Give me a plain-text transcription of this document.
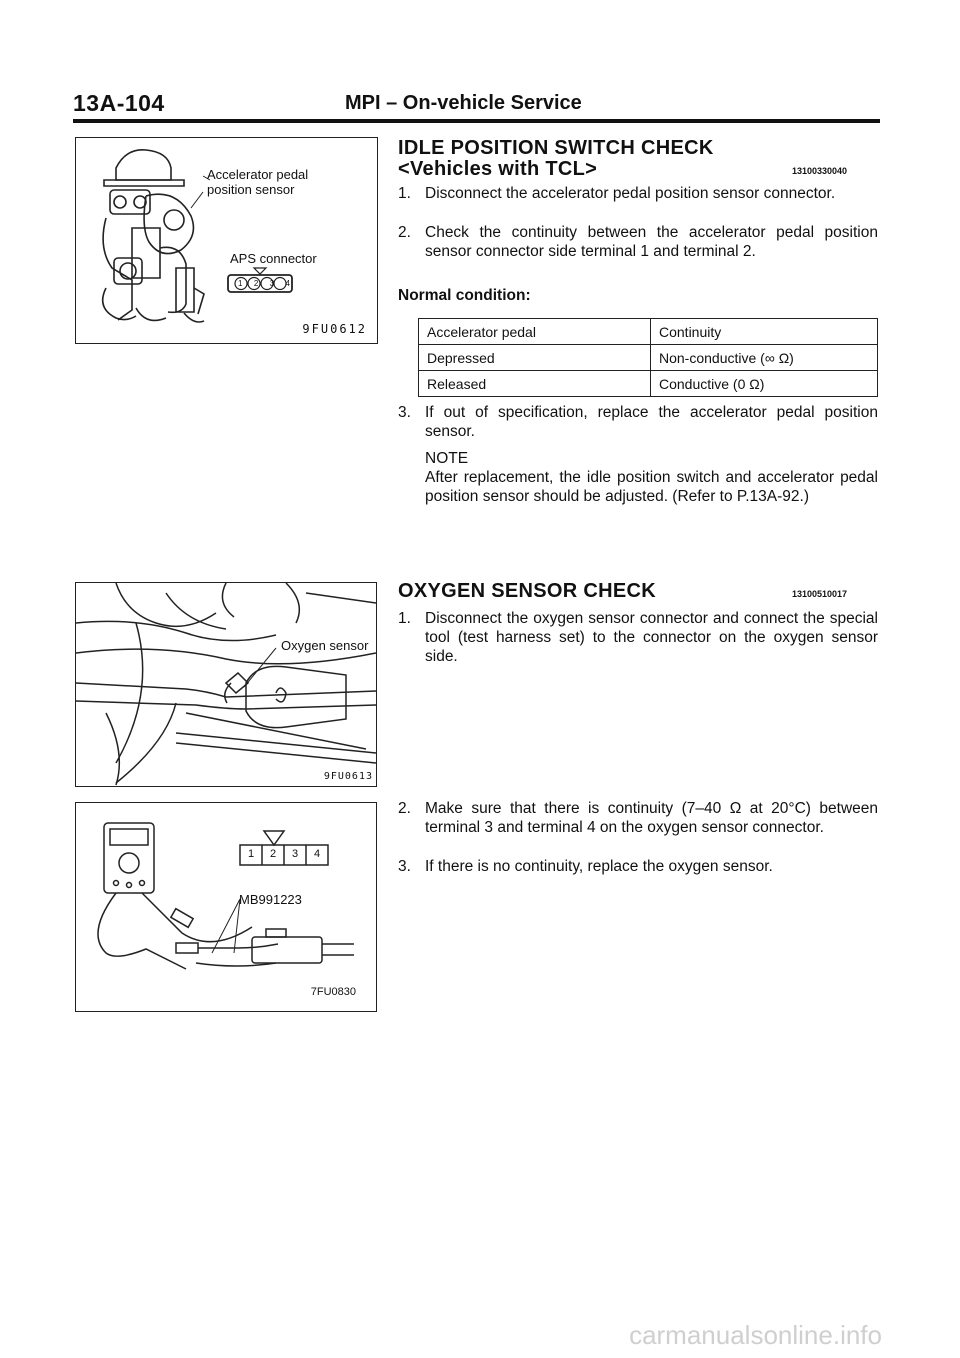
13A-104	MPI – On-vehicle Service
Accelerator pedal
position sensor
APS connector
1 2 3 4
9FU0612
IDLE POSITION SWITCH CHECK
<Vehicles with TCL>	13100330040
1. Disconnect the accelerator pedal position sensor connector.
2. Check the continuity between the accelerator pedal position sensor connector side terminal 1 and terminal 2.
Normal condition:
Accelerator pedal	Continuity
Depressed	Non-conductive (∞ Ω)
Released	Conductive (0 Ω)
3. If out of specification, replace the accelerator pedal position sensor.
NOTE
After replacement, the idle position switch and accelerator pedal position sensor should be adjusted. (Refer to P.13A-92.)
Oxygen sensor
9FU0613
OXYGEN SENSOR CHECK	13100510017
1. Disconnect the oxygen sensor connector and connect the special tool (test harness set) to the connector on the oxygen sensor side.
1	2	3	4
MB991223
7FU0830
2. Make sure that there is continuity (7–40 Ω at 20°C) between terminal 3 and terminal 4 on the oxygen sensor connector.
3. If there is no continuity, replace the oxygen sensor.
carmanualsonline.info
